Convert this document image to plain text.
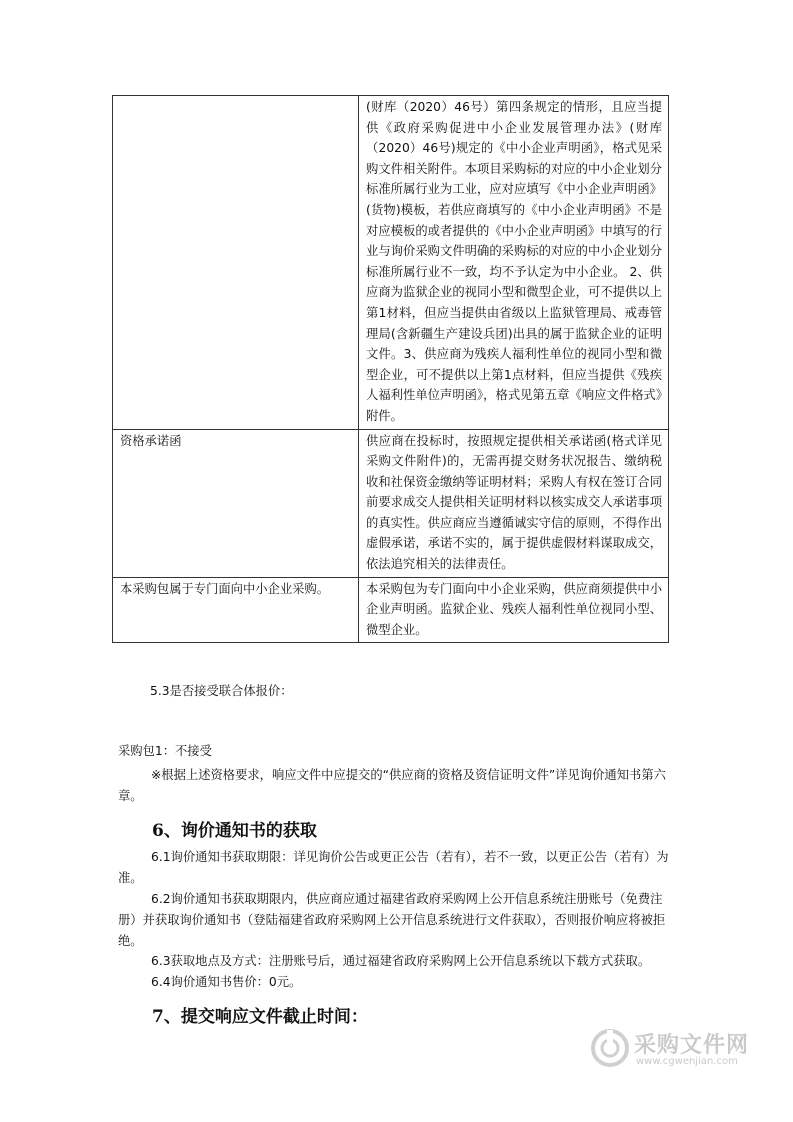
	(财库（2020）46号）第四条规定的情形，且应当提供《政府采购促进中小企业发展管理办法》(财库（2020）46号)规定的《中小企业声明函》，格式见采购文件相关附件。本项目采购标的对应的中小企业划分标准所属行业为工业，应对应填写《中小企业声明函》(货物)模板，若供应商填写的《中小企业声明函》不是对应模板的或者提供的《中小企业声明函》中填写的行业与询价采购文件明确的采购标的对应的中小企业划分标准所属行业不一致，均不予认定为中小企业。 2、供应商为监狱企业的视同小型和微型企业，可不提供以上第1材料，但应当提供由省级以上监狱管理局、戒毒管理局(含新疆生产建设兵团)出具的属于监狱企业的证明文件。3、供应商为残疾人福利性单位的视同小型和微型企业，可不提供以上第1点材料，但应当提供《残疾人福利性单位声明函》，格式见第五章《响应文件格式》附件。
资格承诺函	供应商在投标时，按照规定提供相关承诺函(格式详见采购文件附件)的，无需再提交财务状况报告、缴纳税收和社保资金缴纳等证明材料；采购人有权在签订合同前要求成交人提供相关证明材料以核实成交人承诺事项的真实性。供应商应当遵循诚实守信的原则，不得作出虚假承诺，承诺不实的，属于提供虚假材料谋取成交，依法追究相关的法律责任。
本采购包属于专门面向中小企业采购。	本采购包为专门面向中小企业采购，供应商须提供中小企业声明函。监狱企业、残疾人福利性单位视同小型、微型企业。
5.3是否接受联合体报价：
采购包1：不接受
※根据上述资格要求，响应文件中应提交的“供应商的资格及资信证明文件”详见询价通知书第六章。
6、询价通知书的获取
6.1询价通知书获取期限：详见询价公告或更正公告（若有），若不一致，以更正公告（若有）为准。
6.2询价通知书获取期限内，供应商应通过福建省政府采购网上公开信息系统注册账号（免费注册）并获取询价通知书（登陆福建省政府采购网上公开信息系统进行文件获取），否则报价响应将被拒绝。
6.3获取地点及方式：注册账号后，通过福建省政府采购网上公开信息系统以下载方式获取。
6.4询价通知书售价：0元。
7、提交响应文件截止时间：
采购文件网
www.cgwenjian.com
